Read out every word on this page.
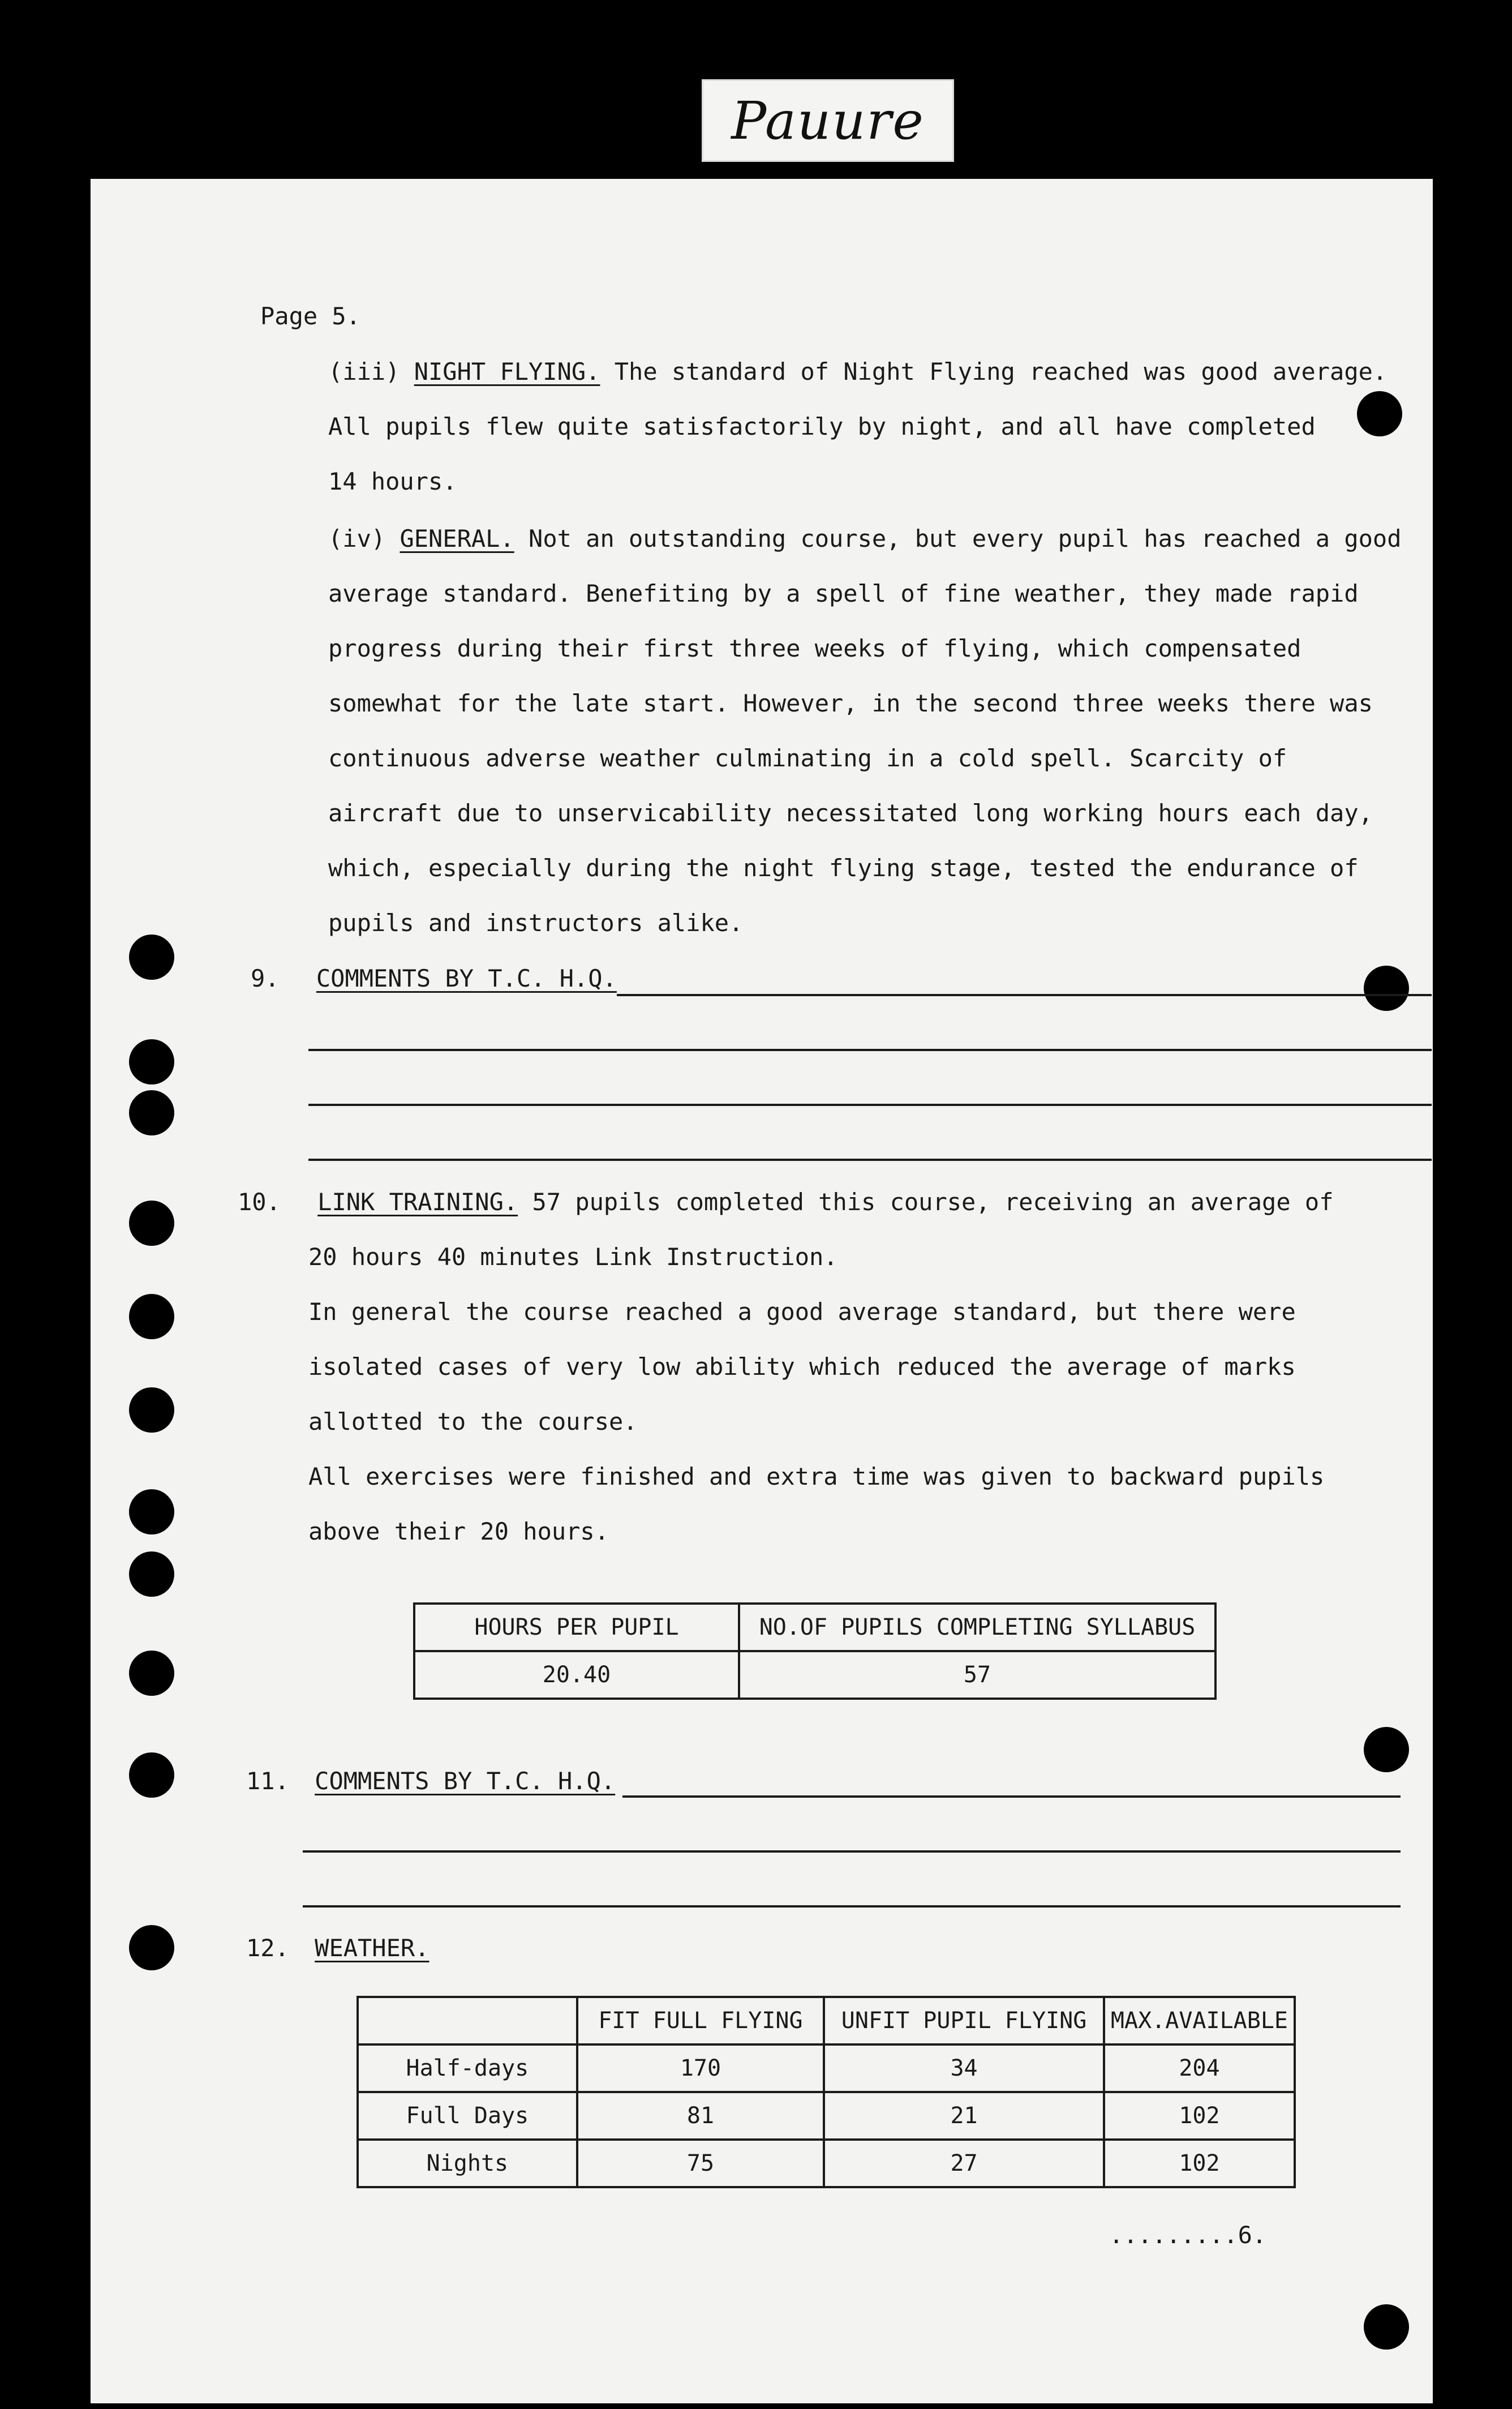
Pauure
Page 5.
(iii) NIGHT FLYING. The standard of Night Flying reached was good average.
All pupils flew quite satisfactorily by night, and all have completed
14 hours.
(iv) GENERAL. Not an outstanding course, but every pupil has reached a good
average standard. Benefiting by a spell of fine weather, they made rapid
progress during their first three weeks of flying, which compensated
somewhat for the late start. However, in the second three weeks there was
continuous adverse weather culminating in a cold spell. Scarcity of
aircraft due to unservicability necessitated long working hours each day,
which, especially during the night flying stage, tested the endurance of
pupils and instructors alike.
9. COMMENTS BY T.C. H.Q.
10. LINK TRAINING. 57 pupils completed this course, receiving an average of
20 hours 40 minutes Link Instruction.
In general the course reached a good average standard, but there were
isolated cases of very low ability which reduced the average of marks
allotted to the course.
All exercises were finished and extra time was given to backward pupils
above their 20 hours.
HOURS PER PUPIL	NO.OF PUPILS COMPLETING SYLLABUS
20.40	57
11. COMMENTS BY T.C. H.Q.
12. WEATHER.
	FIT FULL FLYING	UNFIT PUPIL FLYING	MAX.AVAILABLE
Half-days	170	34	204
Full Days	81	21	102
Nights	75	27	102
.........6.
